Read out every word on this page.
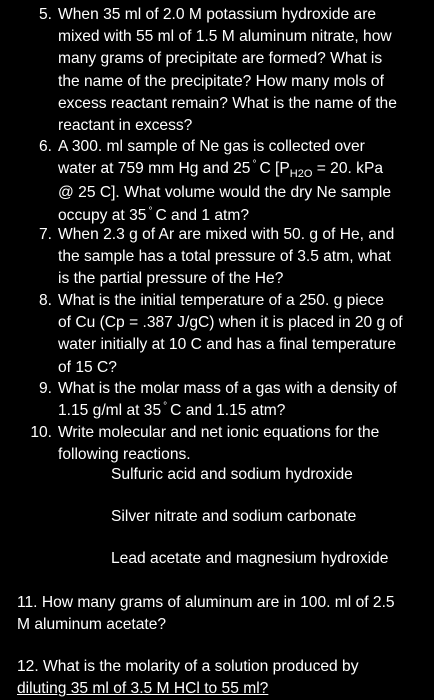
5. When 35 ml of 2.0 M potassium hydroxide are
mixed with 55 ml of 1.5 M aluminum nitrate, how
many grams of precipitate are formed? What is
the name of the precipitate? How many mols of
excess reactant remain? What is the name of the
reactant in excess?
6. A 300. ml sample of Ne gas is collected over
water at 759 mm Hg and 25 ° C [$P_{H2O} = 20$. kPa
@ 25 C]. What volume would the dry Ne sample
occupy at 35 ° C and 1 atm?
7. When 2.3 g of Ar are mixed with 50. g of He, and
the sample has a total pressure of 3.5 atm, what
is the partial pressure of the He?
8. What is the initial temperature of a 250. g piece
of Cu (Cp = .387 J/gC) when it is placed in 20 g of
water initially at 10 C and has a final temperature
of 15 C?
9. What is the molar mass of a gas with a density of
1.15 g/ml at 35 ° C and 1.15 atm?
10. Write molecular and net ionic equations for the
following reactions.
Sulfuric acid and sodium hydroxide
Silver nitrate and sodium carbonate
Lead acetate and magnesium hydroxide
11. How many grams of aluminum are in 100. ml of 2.5
M aluminum acetate?
12. What is the molarity of a solution produced by
diluting 35 ml of 3.5 M HCl to 55 ml?
